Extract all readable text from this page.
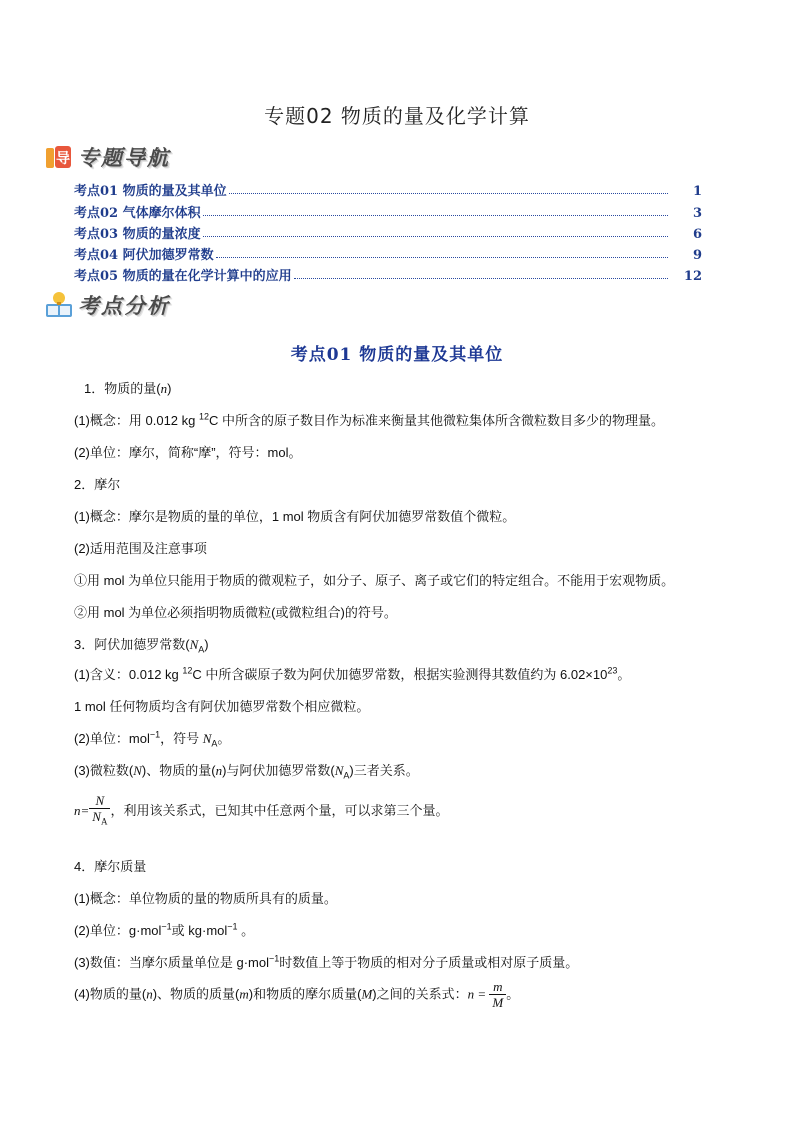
专题02 物质的量及化学计算
导 专题导航
考点01 物质的量及其单位	1
考点02 气体摩尔体积	3
考点03 物质的量浓度	6
考点04 阿伏加德罗常数	9
考点05 物质的量在化学计算中的应用	12
考点分析
考点01 物质的量及其单位
1．物质的量(n)
(1)概念：用 0.012 kg $^{12}$C 中所含的原子数目作为标准来衡量其他微粒集体所含微粒数目多少的物理量。
(2)单位：摩尔，简称“摩”，符号：mol。
2．摩尔
(1)概念：摩尔是物质的量的单位，1 mol 物质含有阿伏加德罗常数值个微粒。
(2)适用范围及注意事项
①用 mol 为单位只能用于物质的微观粒子，如分子、原子、离子或它们的特定组合。不能用于宏观物质。
②用 mol 为单位必须指明物质微粒(或微粒组合)的符号。
3．阿伏加德罗常数$(N_A)$
(1)含义：0.012 kg $^{12}$C 中所含碳原子数为阿伏加德罗常数，根据实验测得其数值约为 $6.02\times 10^{23}$。
1 mol 任何物质均含有阿伏加德罗常数个相应微粒。
(2)单位：mol$^{-1}$，符号 $N_A$。
(3)微粒数(N)、物质的量(n)与阿伏加德罗常数$(N_A)$三者关系。
$n= \frac{N}{N_A}$ ，利用该关系式，已知其中任意两个量，可以求第三个量。
4．摩尔质量
(1)概念：单位物质的量的物质所具有的质量。
(2)单位：g·mol$^{-1}$或 kg·mol$^{-1}$ 。
(3)数值：当摩尔质量单位是 g·mol$^{-1}$时数值上等于物质的相对分子质量或相对原子质量。
(4)物质的量(n)、物质的质量(m)和物质的摩尔质量(M)之间的关系式：$n = \frac{m}{M}$ 。
